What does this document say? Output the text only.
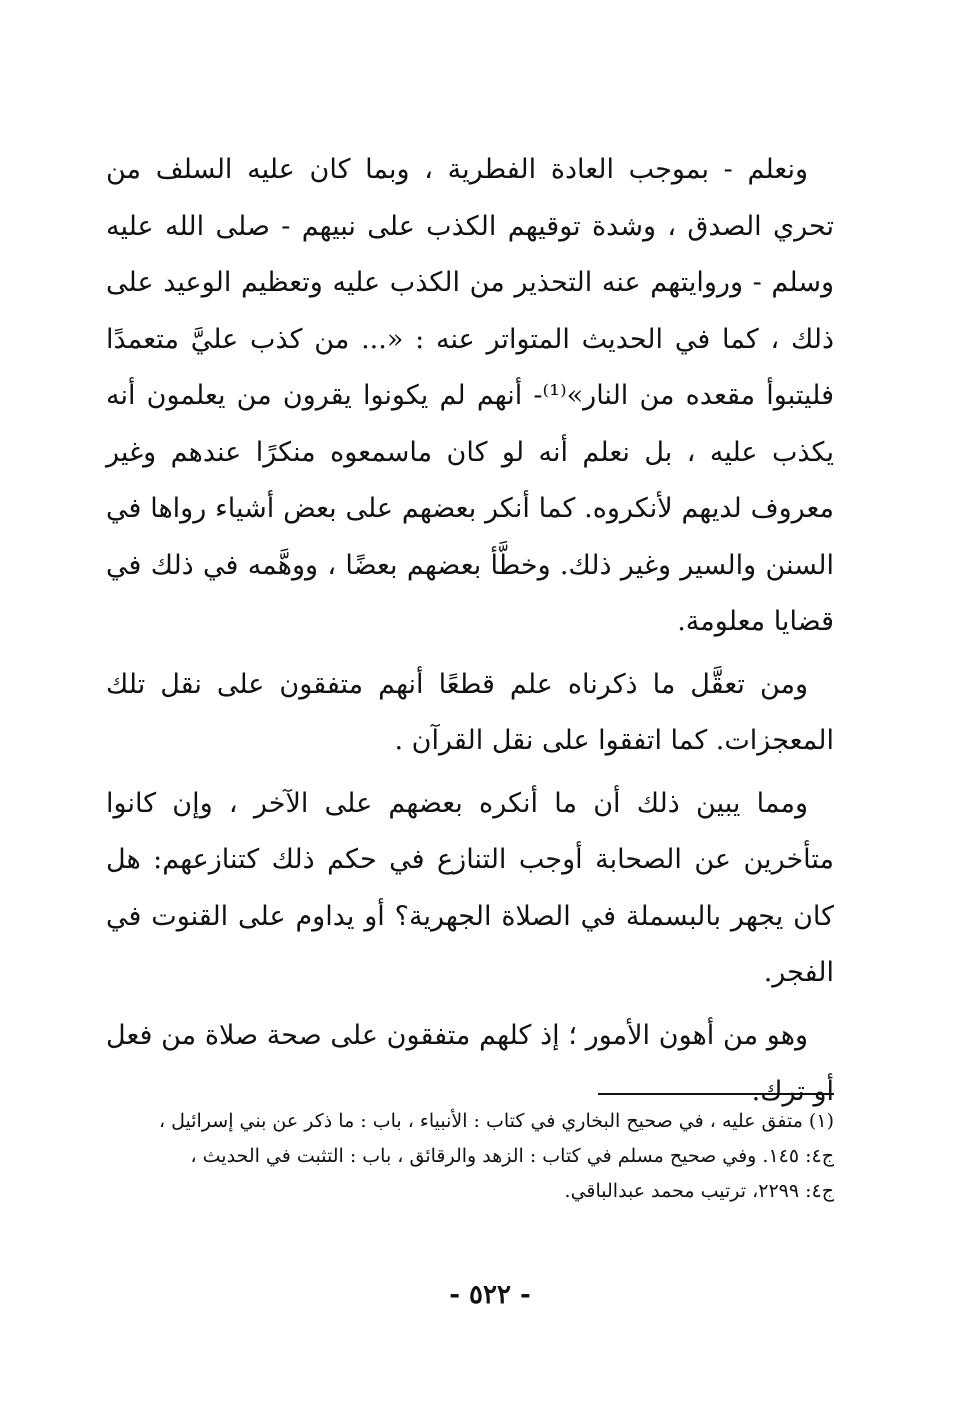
ونعلم - بموجب العادة الفطرية ، وبما كان عليه السلف من تحري الصدق ، وشدة توقيهم الكذب على نبيهم - صلى الله عليه وسلم - وروايتهم عنه التحذير من الكذب عليه وتعظيم الوعيد على ذلك ، كما في الحديث المتواتر عنه : «... من كذب عليَّ متعمدًا فليتبوأ مقعده من النار»⁽¹⁾- أنهم لم يكونوا يقرون من يعلمون أنه يكذب عليه ، بل نعلم أنه لو كان ماسمعوه منكرًا عندهم وغير معروف لديهم لأنكروه. كما أنكر بعضهم على بعض أشياء رواها في السنن والسير وغير ذلك. وخطَّأ بعضهم بعضًا ، ووهَّمه في ذلك في قضايا معلومة.

ومن تعقَّل ما ذكرناه علم قطعًا أنهم متفقون على نقل تلك المعجزات. كما اتفقوا على نقل القرآن .

ومما يبين ذلك أن ما أنكره بعضهم على الآخر ، وإن كانوا متأخرين عن الصحابة أوجب التنازع في حكم ذلك كتنازعهم: هل كان يجهر بالبسملة في الصلاة الجهرية؟ أو يداوم على القنوت في الفجر.

وهو من أهون الأمور ؛ إذ كلهم متفقون على صحة صلاة من فعل أو ترك.

(١) متفق عليه ، في صحيح البخاري في كتاب : الأنبياء ، باب : ما ذكر عن بني إسرائيل ،

ج٤: ١٤٥. وفي صحيح مسلم في كتاب : الزهد والرقائق ، باب : التثبت في الحديث ،

ج٤: ٢٢٩٩، ترتيب محمد عبدالباقي.

- ٥٢٢ -
